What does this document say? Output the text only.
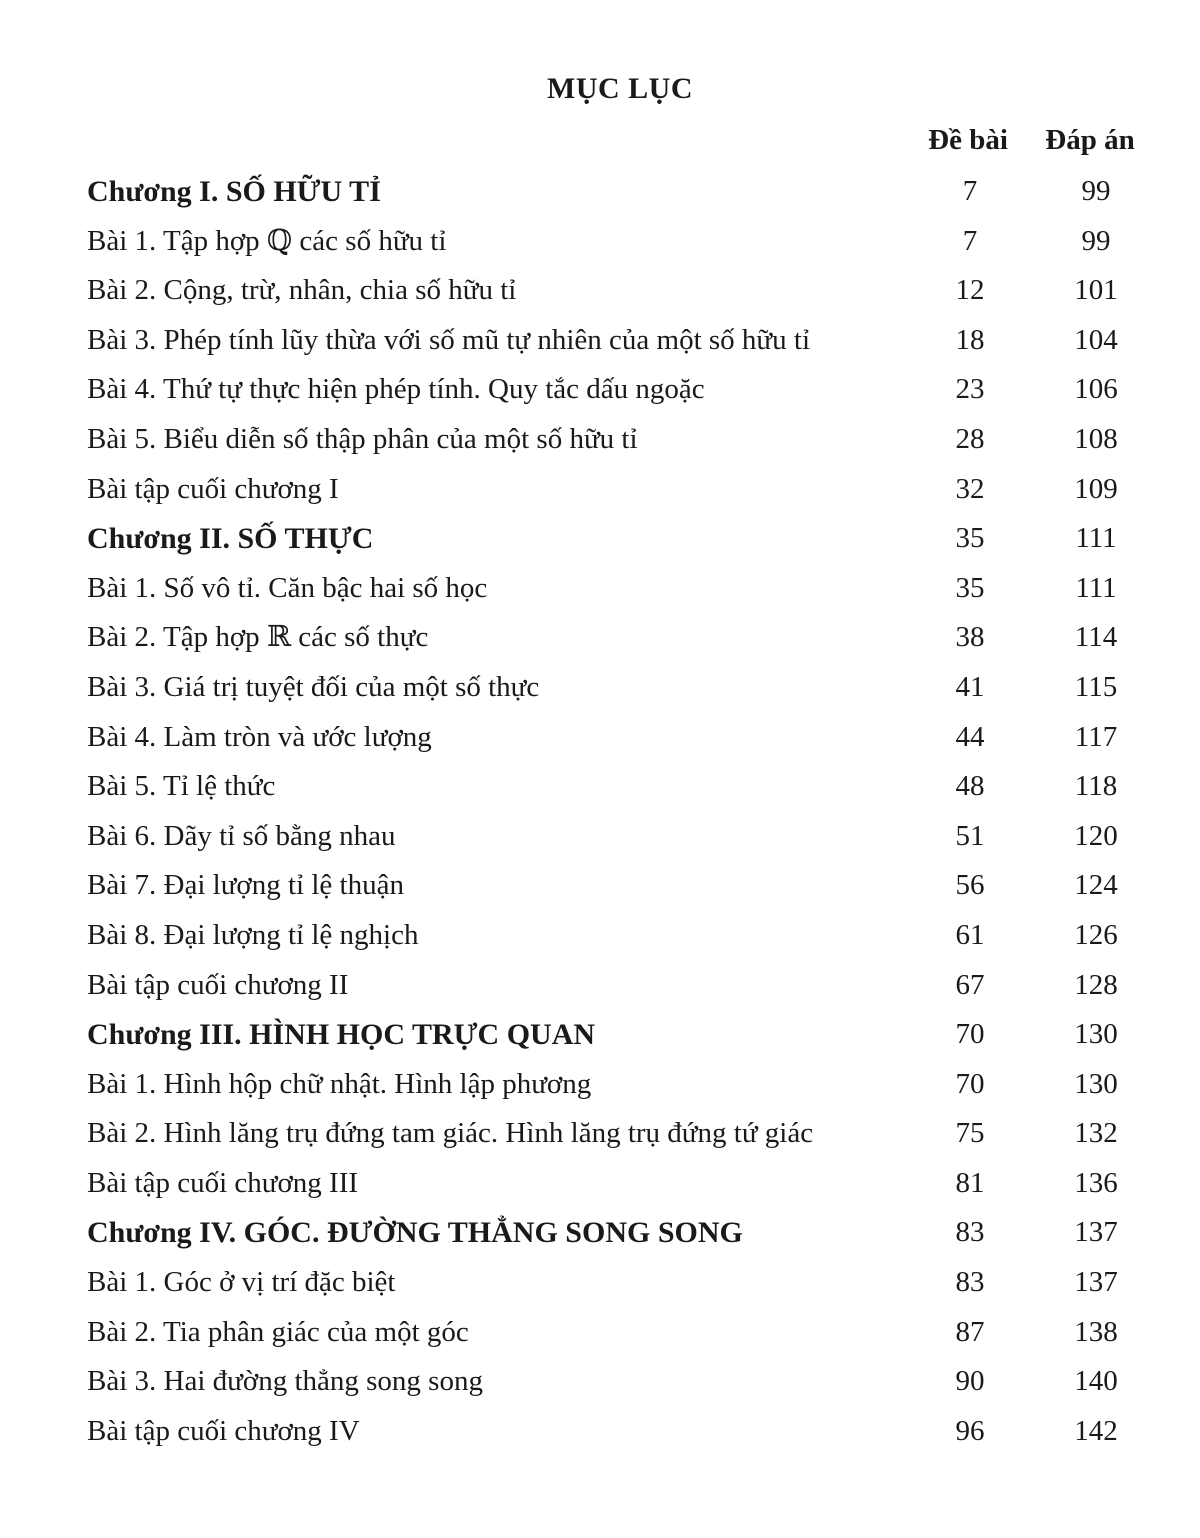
MỤC LỤC
Đề bài	Đáp án
Chương I. SỐ HỮU TỈ	7	99
Bài 1. Tập hợp ℚ các số hữu tỉ	7	99
Bài 2. Cộng, trừ, nhân, chia số hữu tỉ	12	101
Bài 3. Phép tính lũy thừa với số mũ tự nhiên của một số hữu tỉ	18	104
Bài 4. Thứ tự thực hiện phép tính. Quy tắc dấu ngoặc	23	106
Bài 5. Biểu diễn số thập phân của một số hữu tỉ	28	108
Bài tập cuối chương I	32	109
Chương II. SỐ THỰC	35	111
Bài 1. Số vô tỉ. Căn bậc hai số học	35	111
Bài 2. Tập hợp ℝ các số thực	38	114
Bài 3. Giá trị tuyệt đối của một số thực	41	115
Bài 4. Làm tròn và ước lượng	44	117
Bài 5. Tỉ lệ thức	48	118
Bài 6. Dãy tỉ số bằng nhau	51	120
Bài 7. Đại lượng tỉ lệ thuận	56	124
Bài 8. Đại lượng tỉ lệ nghịch	61	126
Bài tập cuối chương II	67	128
Chương III. HÌNH HỌC TRỰC QUAN	70	130
Bài 1. Hình hộp chữ nhật. Hình lập phương	70	130
Bài 2. Hình lăng trụ đứng tam giác. Hình lăng trụ đứng tứ giác	75	132
Bài tập cuối chương III	81	136
Chương IV. GÓC. ĐƯỜNG THẲNG SONG SONG	83	137
Bài 1. Góc ở vị trí đặc biệt	83	137
Bài 2. Tia phân giác của một góc	87	138
Bài 3. Hai đường thẳng song song	90	140
Bài tập cuối chương IV	96	142
